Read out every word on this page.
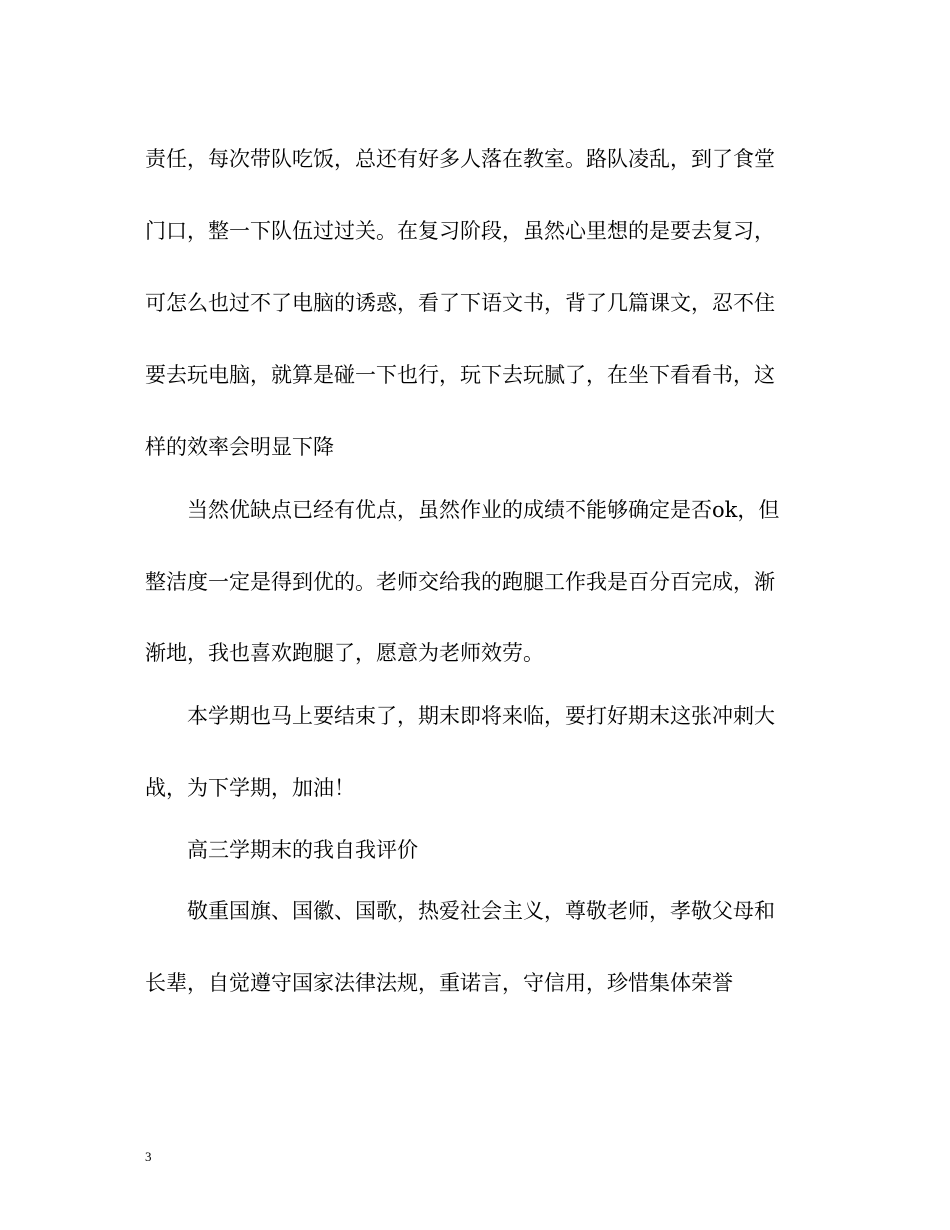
责任，每次带队吃饭，总还有好多人落在教室。路队凌乱，到了食堂
门口，整一下队伍过过关。在复习阶段，虽然心里想的是要去复习，
可怎么也过不了电脑的诱惑，看了下语文书，背了几篇课文，忍不住
要去玩电脑，就算是碰一下也行，玩下去玩腻了，在坐下看看书，这
样的效率会明显下降
当然优缺点已经有优点，虽然作业的成绩不能够确定是否ok，但
整洁度一定是得到优的。老师交给我的跑腿工作我是百分百完成，渐
渐地，我也喜欢跑腿了，愿意为老师效劳。
本学期也马上要结束了，期末即将来临，要打好期末这张冲刺大
战，为下学期，加油！
高三学期末的我自我评价
敬重国旗、国徽、国歌，热爱社会主义，尊敬老师，孝敬父母和
长辈，自觉遵守国家法律法规，重诺言，守信用，珍惜集体荣誉
3
